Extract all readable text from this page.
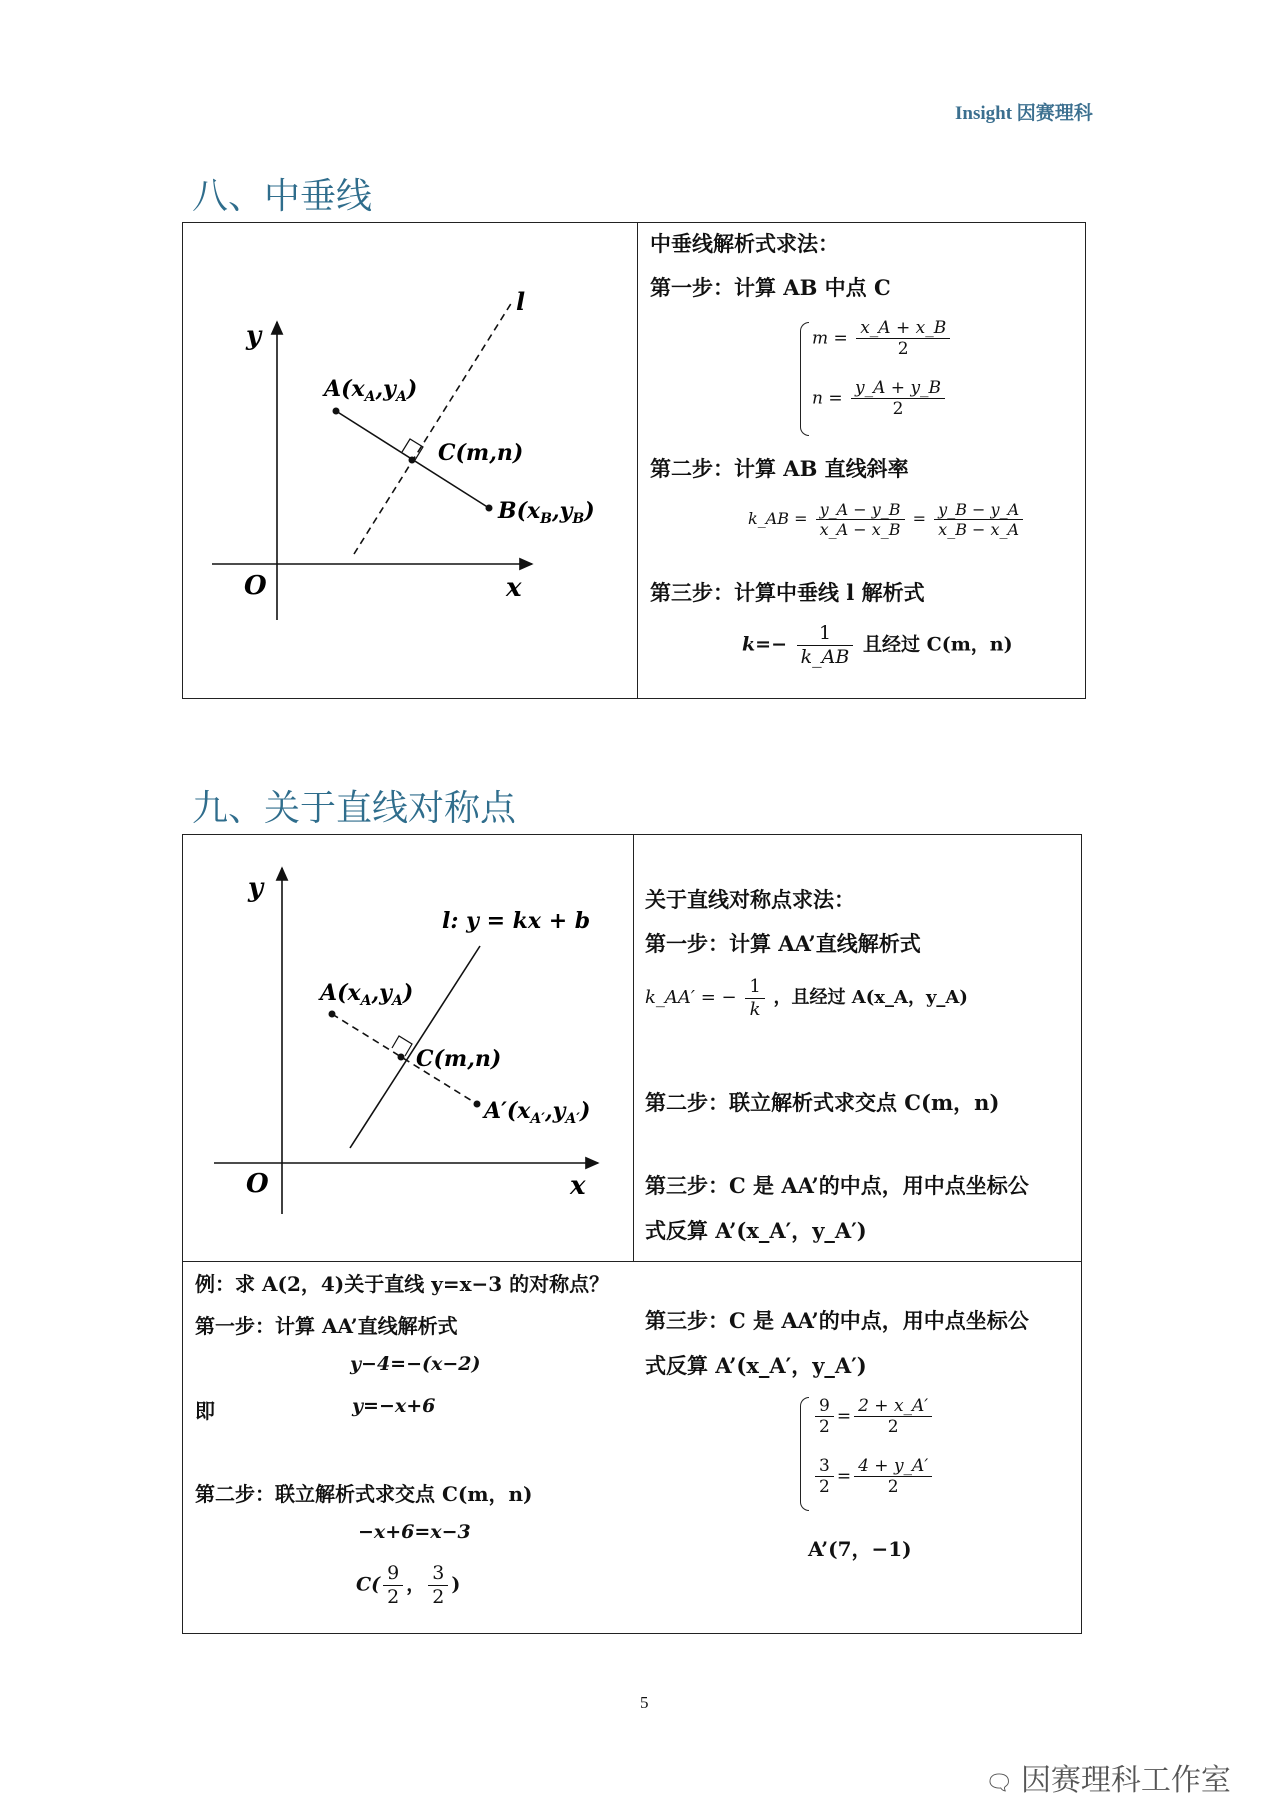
Insight 因赛理科
八、中垂线
l
y
$A(x_A,y_A)$
C(m,n)
$B(x_B,y_B)$
O	x
中垂线解析式求法：
第一步：计算 AB 中点 C
$m = \frac{x\_A + x\_B}{2}$
$n = \frac{y\_A + y\_B}{2}$
第二步：计算 AB 直线斜率
k_AB = $\frac{y\_A - y\_B}{x\_A - x\_B} = \frac{y\_B - y\_A}{x\_B - x\_A}$
第三步：计算中垂线 l 解析式
$k=- \frac{1}{k\_AB}$ 且经过 C(m，n)
九、关于直线对称点
y
l: y = kx + b
$A(x_A,y_A)$
C(m,n)
$A'(x_{A'},y_{A'})$
O	x
关于直线对称点求法：
第一步：计算 AA’直线解析式
k_AA′ = − $\frac{1}{k}$ ，且经过 A(x_A，y_A)
第二步：联立解析式求交点 C(m，n)
第三步：C 是 AA’的中点，用中点坐标公
式反算 A’(x_A′，y_A′)
例：求 A(2，4)关于直线 y=x−3 的对称点？
第一步：计算 AA’直线解析式
y−4=−(x−2)
即	y=−x+6
第二步：联立解析式求交点 C(m，n)
−x+6=x−3
$C( \frac{9}{2}$ ， $\frac{3}{2}$ )
第三步：C 是 AA’的中点，用中点坐标公
式反算 A’(x_A′，y_A′)
$\frac{9}{2} = \frac{2 + x\_A'}{2}$
$\frac{3}{2} = \frac{4 + y\_A'}{2}$
A’(7，−1)
5
🗨 因赛理科工作室
